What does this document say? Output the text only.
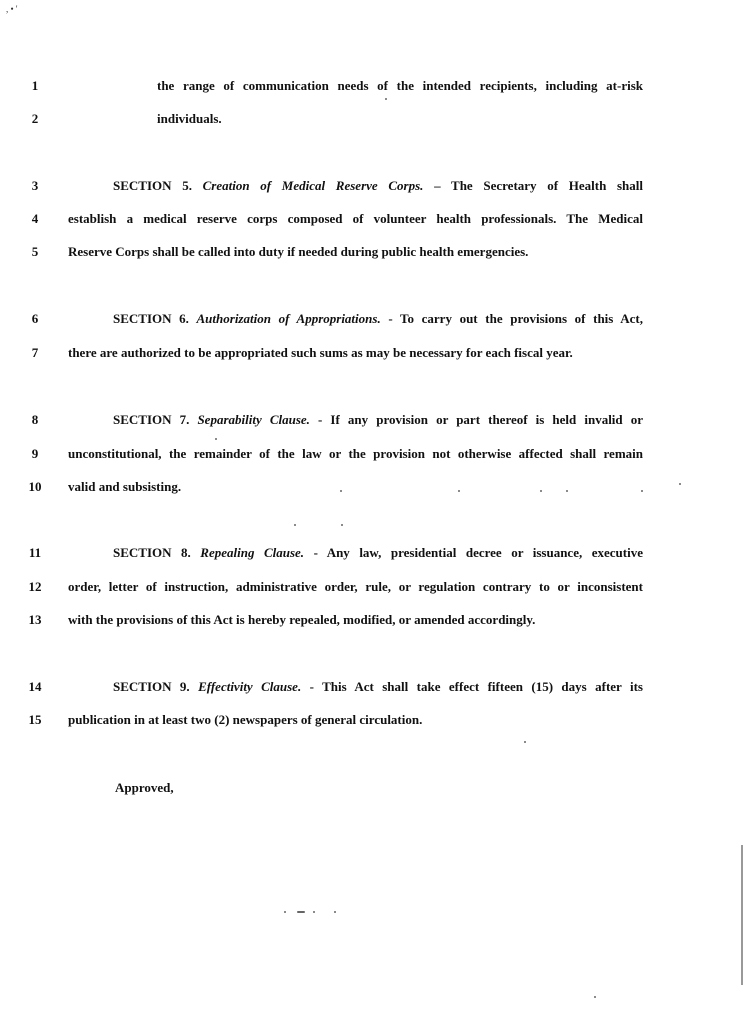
, • '
1	the range of communication needs of the intended recipients, including at-risk
2	individuals.
3	SECTION 5. Creation of Medical Reserve Corps. – The Secretary of Health shall
4	establish a medical reserve corps composed of volunteer health professionals. The Medical
5	Reserve Corps shall be called into duty if needed during public health emergencies.
6	SECTION 6. Authorization of Appropriations. - To carry out the provisions of this Act,
7	there are authorized to be appropriated such sums as may be necessary for each fiscal year.
8	SECTION 7. Separability Clause. - If any provision or part thereof is held invalid or
9	unconstitutional, the remainder of the law or the provision not otherwise affected shall remain
10	valid and subsisting.
11	SECTION 8. Repealing Clause. - Any law, presidential decree or issuance, executive
12	order, letter of instruction, administrative order, rule, or regulation contrary to or inconsistent
13	with the provisions of this Act is hereby repealed, modified, or amended accordingly.
14	SECTION 9. Effectivity Clause. - This Act shall take effect fifteen (15) days after its
15	publication in at least two (2) newspapers of general circulation.
Approved,
